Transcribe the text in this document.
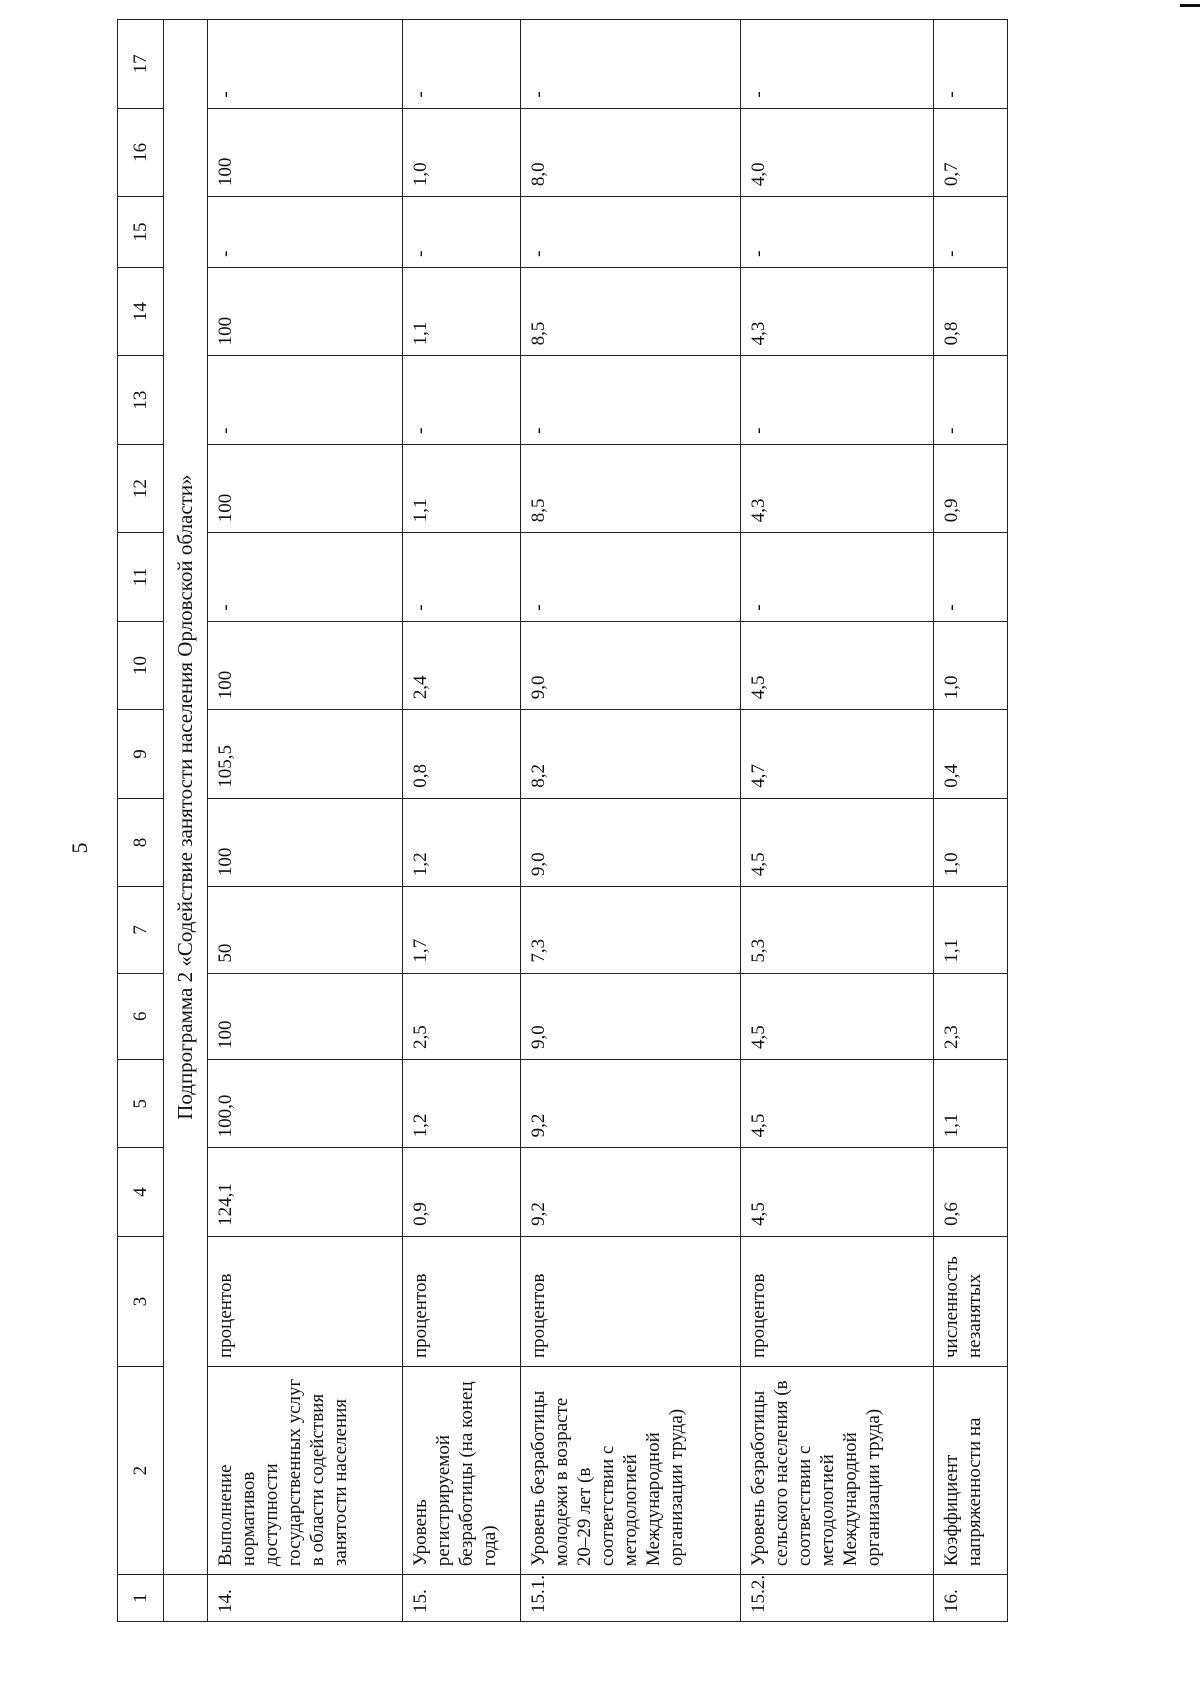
5
1	2	3	4	5	6	7	8	9	10	11	12	13	14	15	16	17
	Подпрограмма 2 «Содействие занятости населения Орловской области»															
14.	Выполнение нормативов доступности государственных услуг в области содействия занятости населения	процентов	124,1	100,0	100	50	100	105,5	100	-	100	-	100	-	100	-
15.	Уровень регистрируемой безработицы (на конец года)	процентов	0,9	1,2	2,5	1,7	1,2	0,8	2,4	-	1,1	-	1,1	-	1,0	-
15.1.	Уровень безработицы молодежи в возрасте 20–29 лет (в соответствии с методологией Международной организации труда)	процентов	9,2	9,2	9,0	7,3	9,0	8,2	9,0	-	8,5	-	8,5	-	8,0	-
15.2.	Уровень безработицы сельского населения (в соответствии с методологией Международной организации труда)	процентов	4,5	4,5	4,5	5,3	4,5	4,7	4,5	-	4,3	-	4,3	-	4,0	-
16.	Коэффициент напряженности на	численность незанятых	0,6	1,1	2,3	1,1	1,0	0,4	1,0	-	0,9	-	0,8	-	0,7	-
